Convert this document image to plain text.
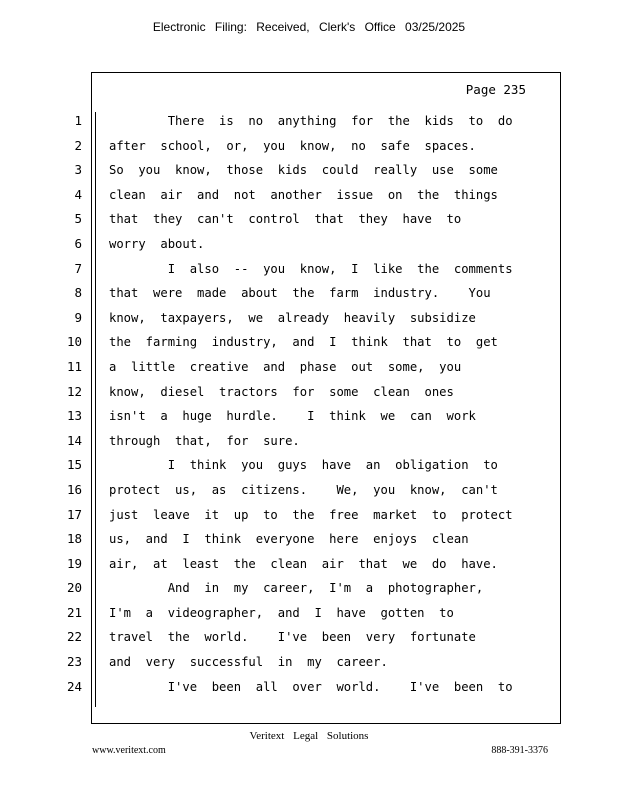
Electronic Filing: Received, Clerk's Office 03/25/2025
Page 235
1
2
3
4
5
6
7
8
9
10
11
12
13
14
15
16
17
18
19
20
21
22
23
24
There  is  no  anything  for  the  kids  to  do
after  school,  or,  you  know,  no  safe  spaces.
So  you  know,  those  kids  could  really  use  some
clean  air  and  not  another  issue  on  the  things
that  they  can't  control  that  they  have  to
worry  about.
I  also  --  you  know,  I  like  the  comments
that  were  made  about  the  farm  industry.    You
know,  taxpayers,  we  already  heavily  subsidize
the  farming  industry,  and  I  think  that  to  get
a  little  creative  and  phase  out  some,  you
know,  diesel  tractors  for  some  clean  ones
isn't  a  huge  hurdle.    I  think  we  can  work
through  that,  for  sure.
I  think  you  guys  have  an  obligation  to
protect  us,  as  citizens.    We,  you  know,  can't
just  leave  it  up  to  the  free  market  to  protect
us,  and  I  think  everyone  here  enjoys  clean
air,  at  least  the  clean  air  that  we  do  have.
And  in  my  career,  I'm  a  photographer,
I'm  a  videographer,  and  I  have  gotten  to
travel  the  world.    I've  been  very  fortunate
and  very  successful  in  my  career.
I've  been  all  over  world.    I've  been  to
Veritext Legal Solutions
www.veritext.com	888-391-3376
